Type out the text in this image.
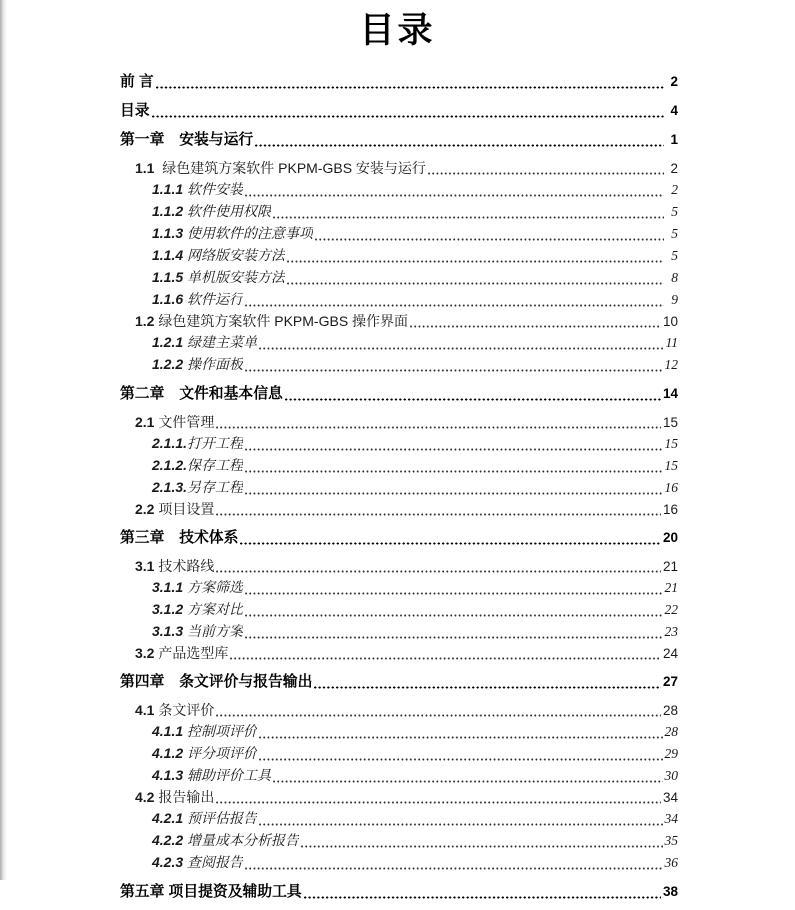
目录
前 言	2
目录	4
第一章　 安装与运行	1
1.1 绿色建筑方案软件 PKPM-GBS 安装与运行	2
1.1.1 软件安装	2
1.1.2 软件使用权限	5
1.1.3 使用软件的注意事项	5
1.1.4 网络版安装方法	5
1.1.5 单机版安装方法	8
1.1.6 软件运行	9
1.2 绿色建筑方案软件 PKPM-GBS 操作界面	10
1.2.1 绿建主菜单	11
1.2.2 操作面板	12
第二章　 文件和基本信息	14
2.1 文件管理	15
2.1.1. 打开工程	15
2.1.2. 保存工程	15
2.1.3. 另存工程	16
2.2 项目设置	16
第三章　 技术体系	20
3.1 技术路线	21
3.1.1 方案筛选	21
3.1.2 方案对比	22
3.1.3 当前方案	23
3.2 产品选型库	24
第四章　 条文评价与报告输出	27
4.1 条文评价	28
4.1.1 控制项评价	28
4.1.2 评分项评价	29
4.1.3 辅助评价工具	30
4.2 报告输出	34
4.2.1 预评估报告	34
4.2.2 增量成本分析报告	35
4.2.3 查阅报告	36
第五章 项目提资及辅助工具	38
